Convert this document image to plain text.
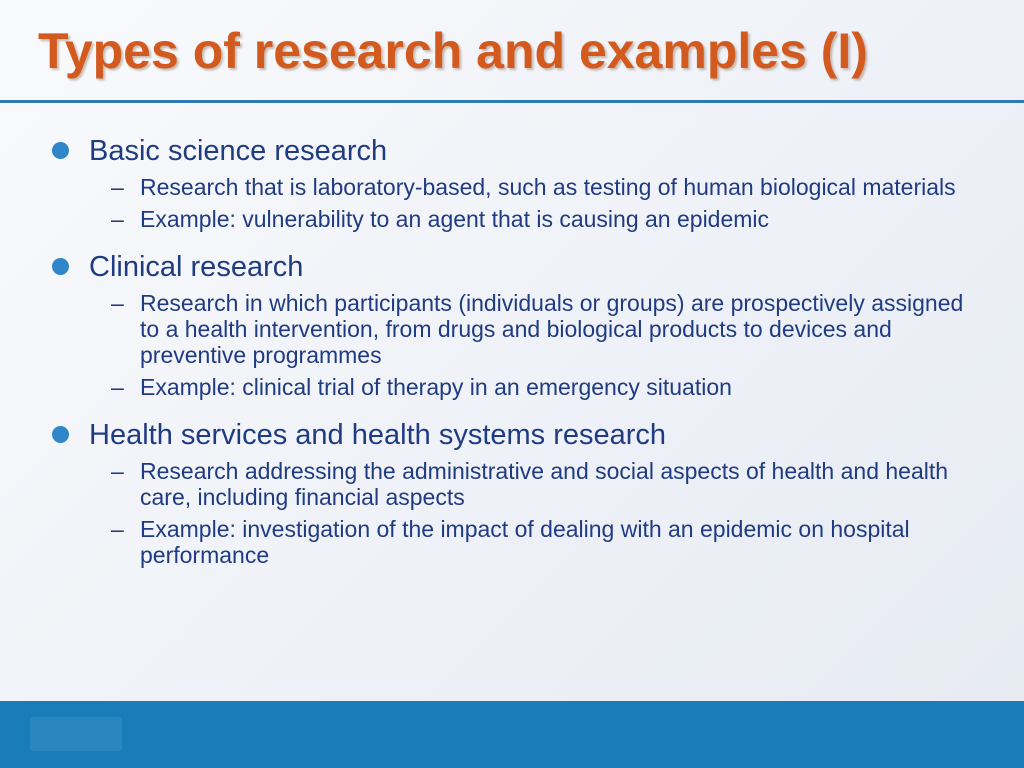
Types of research and examples (I)
Basic science research
– Research that is laboratory-based, such as testing of human biological materials
– Example: vulnerability to an agent that is causing an epidemic
Clinical research
– Research in which participants (individuals or groups) are prospectively assigned to a health intervention, from drugs and biological products to devices and preventive programmes
– Example: clinical trial of therapy in an emergency situation
Health services and health systems research
– Research addressing the administrative and social aspects of health and health care, including financial aspects
– Example: investigation of the impact of dealing with an epidemic on hospital performance
